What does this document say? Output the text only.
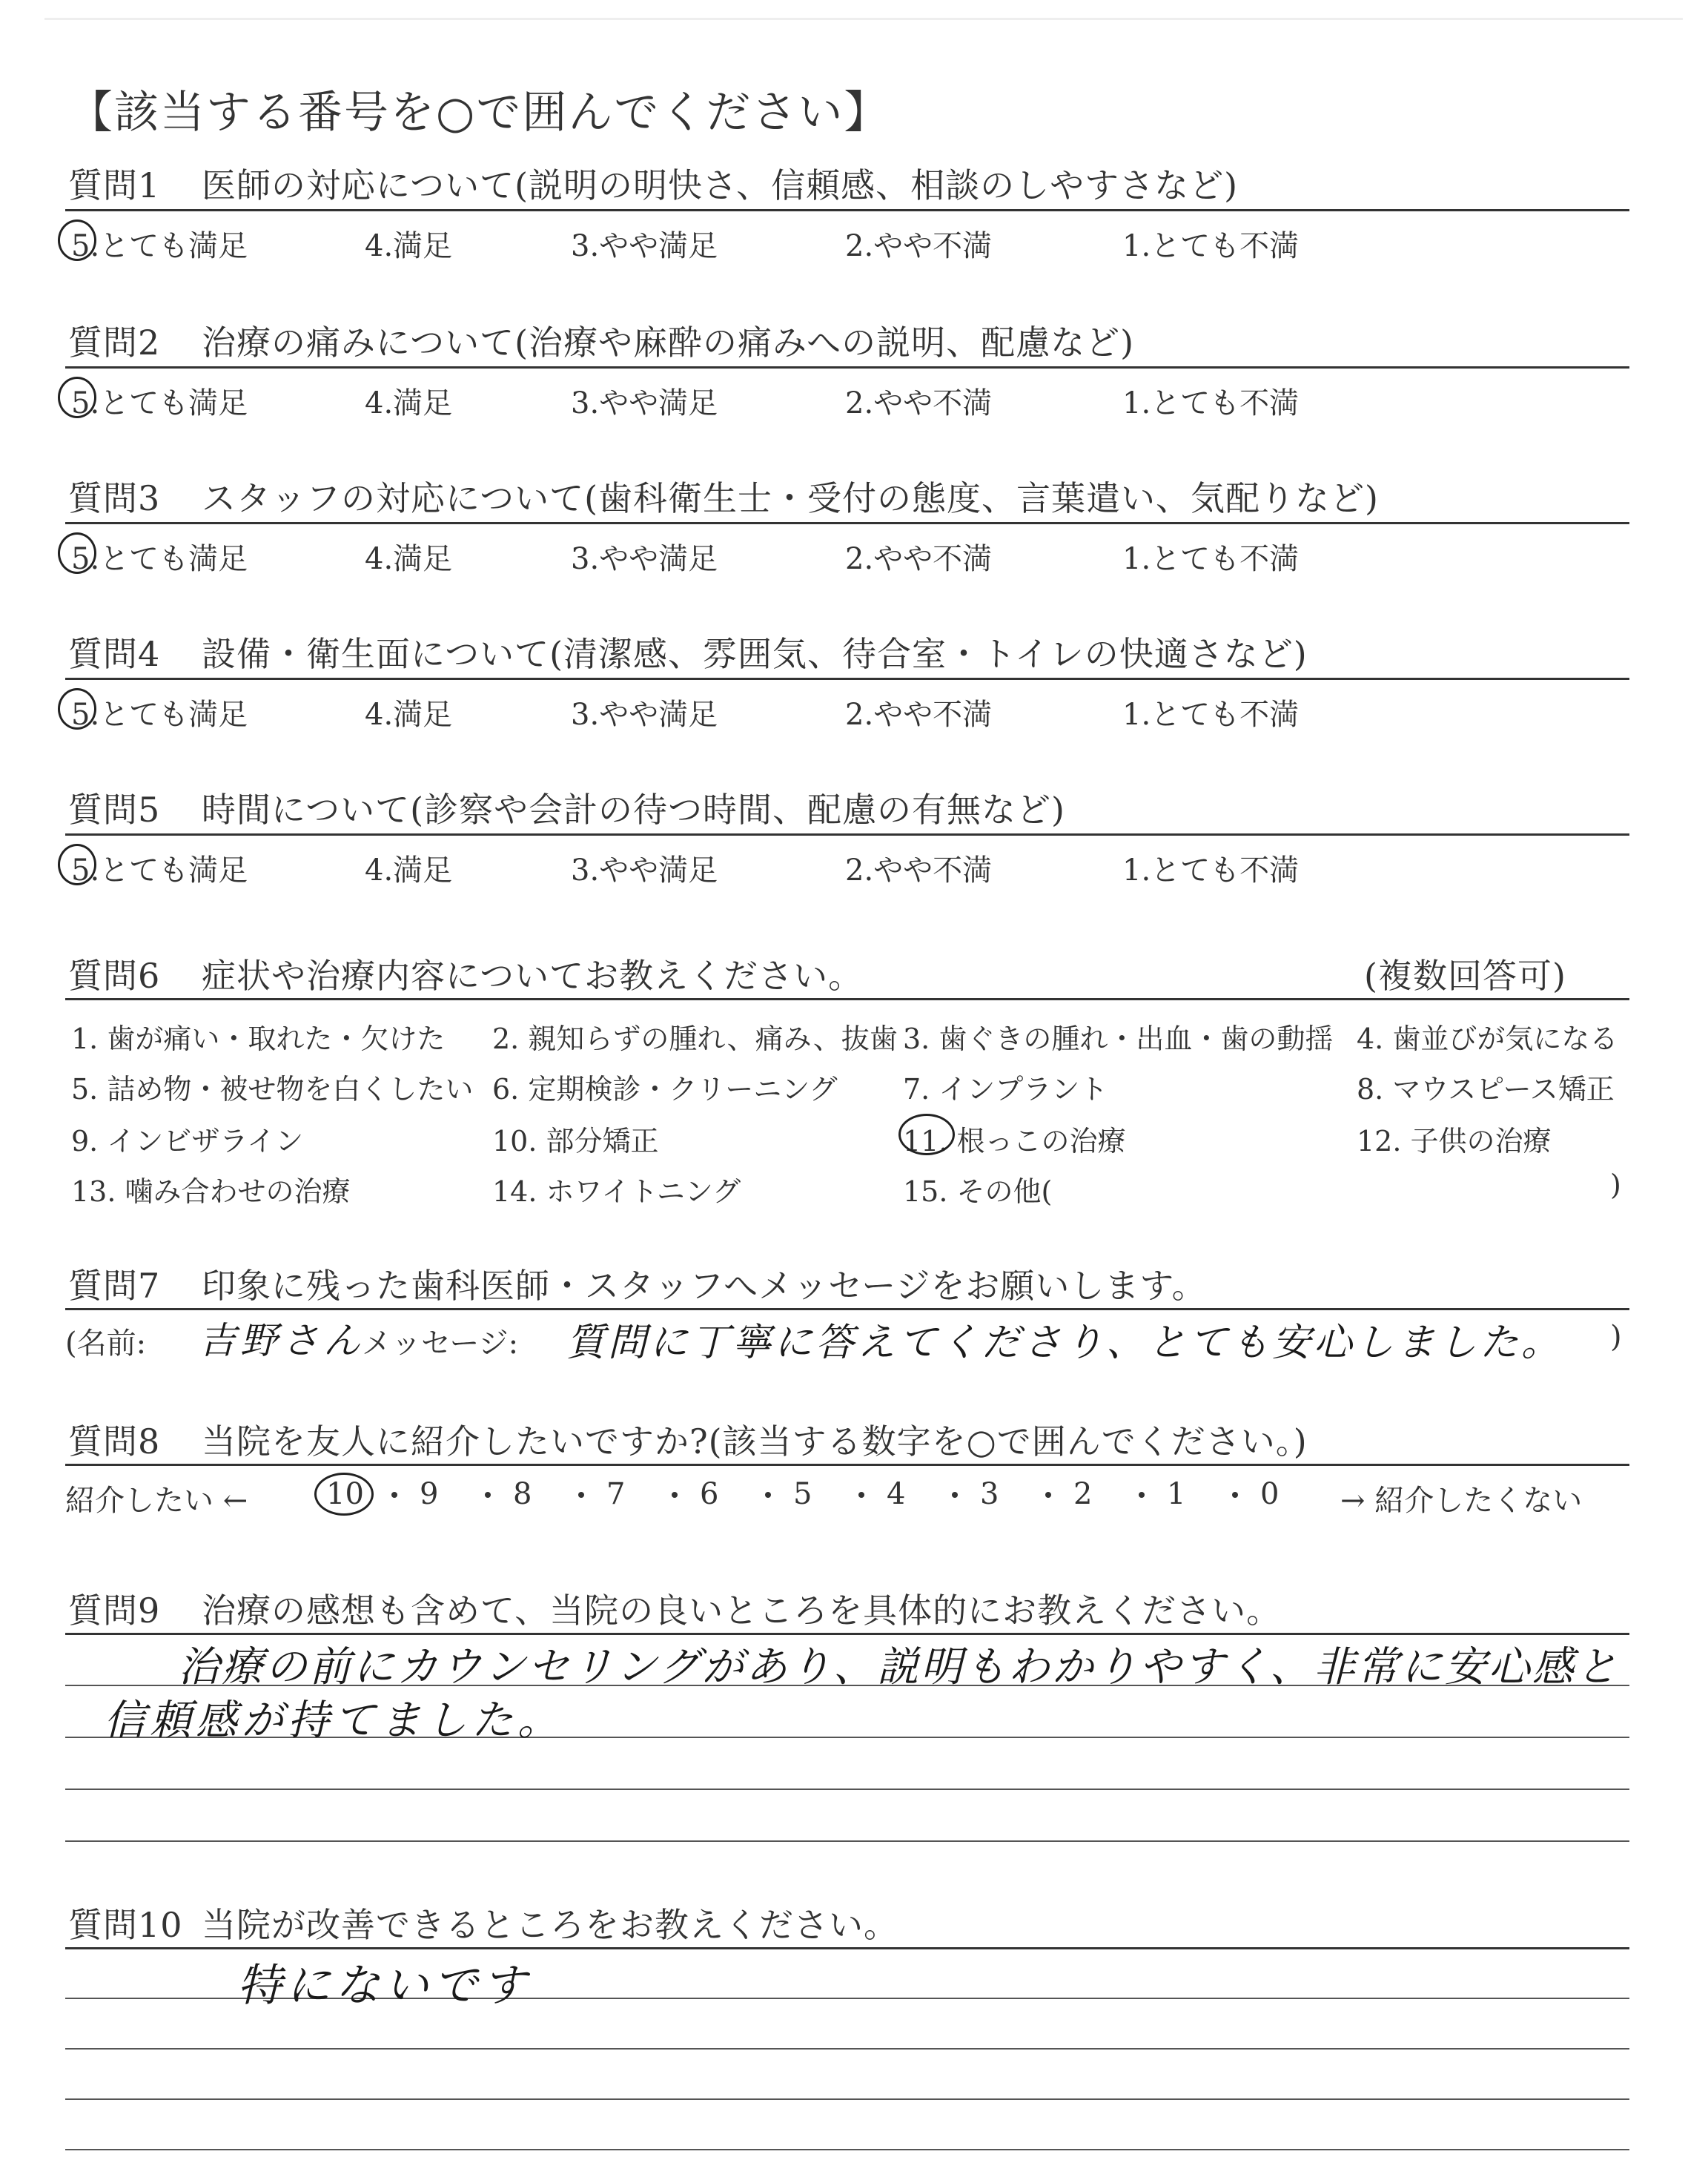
【該当する番号を○で囲んでください】
質問1 医師の対応について(説明の明快さ、信頼感、相談のしやすさなど)
5.とても満足	4.満足	3.やや満足	2.やや不満	1.とても不満
質問2 治療の痛みについて(治療や麻酔の痛みへの説明、配慮など)
5.とても満足	4.満足	3.やや満足	2.やや不満	1.とても不満
質問3 スタッフの対応について(歯科衛生士・受付の態度、言葉遣い、気配りなど)
5.とても満足	4.満足	3.やや満足	2.やや不満	1.とても不満
質問4 設備・衛生面について(清潔感、雰囲気、待合室・トイレの快適さなど)
5.とても満足	4.満足	3.やや満足	2.やや不満	1.とても不満
質問5 時間について(診察や会計の待つ時間、配慮の有無など)
5.とても満足	4.満足	3.やや満足	2.やや不満	1.とても不満
質問6 症状や治療内容についてお教えください。	(複数回答可)
1. 歯が痛い・取れた・欠けた 2. 親知らずの腫れ、痛み、抜歯 3. 歯ぐきの腫れ・出血・歯の動揺 4. 歯並びが気になる
5. 詰め物・被せ物を白くしたい 6. 定期検診・クリーニング 7. インプラント	8. マウスピース矯正
9. インビザライン	10. 部分矯正	11. 根っこの治療	12. 子供の治療
13. 噛み合わせの治療	14. ホワイトニング	15. その他(	)
質問7 印象に残った歯科医師・スタッフへメッセージをお願いします。
(名前: 吉野さん
メッセージ: 質問に丁寧に答えてくださり、とても安心しました。 )
質問8 当院を友人に紹介したいですか?(該当する数字を○で囲んでください。)
紹介したい ←	10 9	8	7	6	5	4	3	2	1	0 → 紹介したくない
質問9 治療の感想も含めて、当院の良いところを具体的にお教えください。
治療の前にカウンセリングがあり、説明もわかりやすく、非常に安心感と
信頼感が持てました。
質問10 当院が改善できるところをお教えください。
特にないです
